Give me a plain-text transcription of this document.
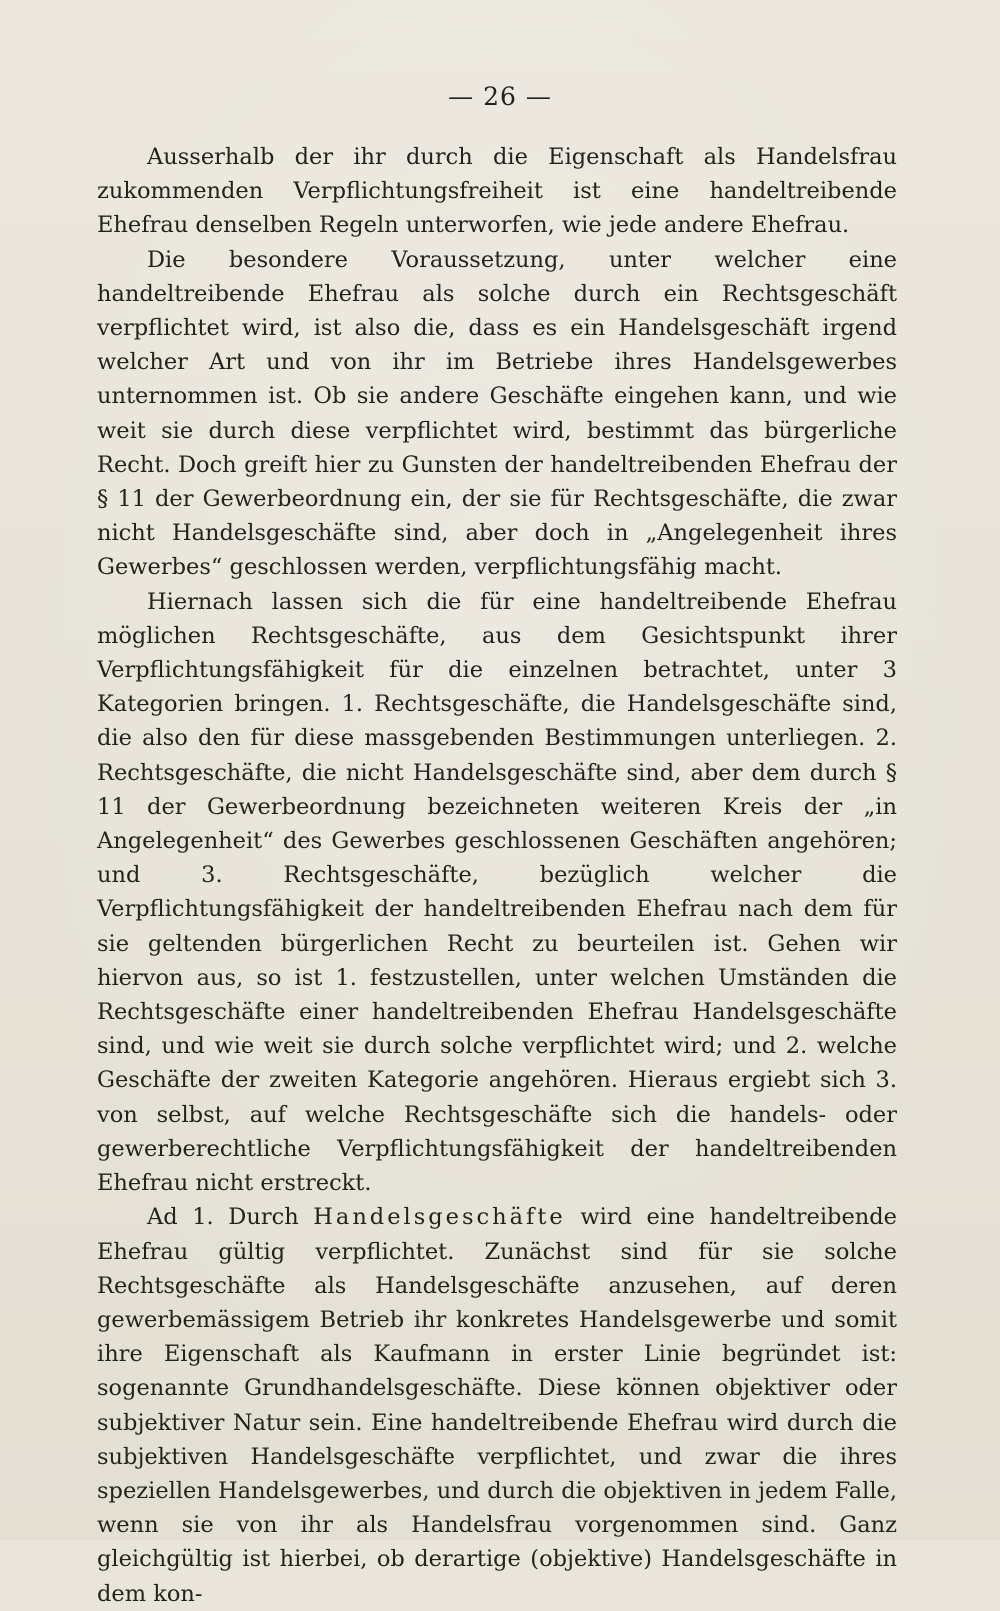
— 26 —

Ausserhalb der ihr durch die Eigenschaft als Handelsfrau zukommenden Verpflichtungsfreiheit ist eine handeltreibende Ehefrau denselben Regeln unterworfen, wie jede andere Ehefrau.

Die besondere Voraussetzung, unter welcher eine handeltreibende Ehefrau als solche durch ein Rechtsgeschäft verpflichtet wird, ist also die, dass es ein Handelsgeschäft irgend welcher Art und von ihr im Betriebe ihres Handelsgewerbes unternommen ist. Ob sie andere Geschäfte eingehen kann, und wie weit sie durch diese verpflichtet wird, bestimmt das bürgerliche Recht. Doch greift hier zu Gunsten der handeltreibenden Ehefrau der § 11 der Gewerbeordnung ein, der sie für Rechtsgeschäfte, die zwar nicht Handelsgeschäfte sind, aber doch in „Angelegenheit ihres Gewerbes“ geschlossen werden, verpflichtungsfähig macht.

Hiernach lassen sich die für eine handeltreibende Ehefrau möglichen Rechtsgeschäfte, aus dem Gesichtspunkt ihrer Verpflichtungsfähigkeit für die einzelnen betrachtet, unter 3 Kategorien bringen. 1. Rechtsgeschäfte, die Handelsgeschäfte sind, die also den für diese massgebenden Bestimmungen unterliegen. 2. Rechtsgeschäfte, die nicht Handelsgeschäfte sind, aber dem durch § 11 der Gewerbeordnung bezeichneten weiteren Kreis der „in Angelegenheit“ des Gewerbes geschlossenen Geschäften angehören; und 3. Rechtsgeschäfte, bezüglich welcher die Verpflichtungsfähigkeit der handeltreibenden Ehefrau nach dem für sie geltenden bürgerlichen Recht zu beurteilen ist. Gehen wir hiervon aus, so ist 1. festzustellen, unter welchen Umständen die Rechtsgeschäfte einer handeltreibenden Ehefrau Handelsgeschäfte sind, und wie weit sie durch solche verpflichtet wird; und 2. welche Geschäfte der zweiten Kategorie angehören. Hieraus ergiebt sich 3. von selbst, auf welche Rechtsgeschäfte sich die handels- oder gewerberechtliche Verpflichtungsfähigkeit der handeltreibenden Ehefrau nicht erstreckt.

Ad 1. Durch Handelsgeschäfte wird eine handeltreibende Ehefrau gültig verpflichtet. Zunächst sind für sie solche Rechtsgeschäfte als Handelsgeschäfte anzusehen, auf deren gewerbemässigem Betrieb ihr konkretes Handelsgewerbe und somit ihre Eigenschaft als Kaufmann in erster Linie begründet ist: sogenannte Grundhandelsgeschäfte. Diese können objektiver oder subjektiver Natur sein. Eine handeltreibende Ehefrau wird durch die subjektiven Handelsgeschäfte verpflichtet, und zwar die ihres speziellen Handelsgewerbes, und durch die objektiven in jedem Falle, wenn sie von ihr als Handelsfrau vorgenommen sind. Ganz gleichgültig ist hierbei, ob derartige (objektive) Handelsgeschäfte in dem kon-
